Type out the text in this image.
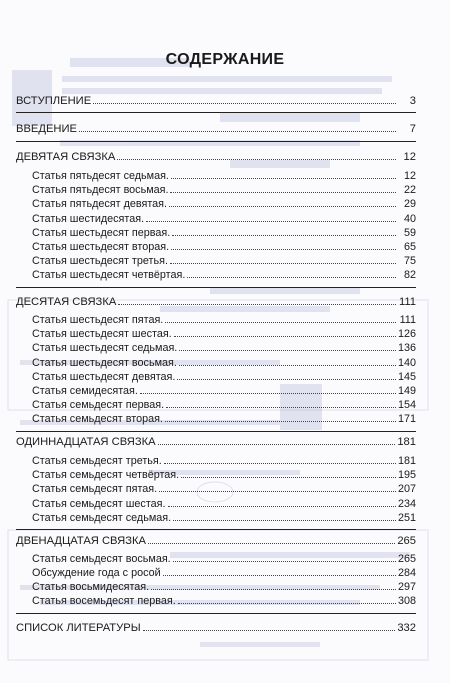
СОДЕРЖАНИЕ
ВСТУПЛЕНИЕ	3
ВВЕДЕНИЕ	7
ДЕВЯТАЯ СВЯЗКА	12
Статья пятьдесят седьмая.	12
Статья пятьдесят восьмая.	22
Статья пятьдесят девятая.	29
Статья шестидесятая.	40
Статья шестьдесят первая.	59
Статья шестьдесят вторая.	65
Статья шестьдесят третья.	75
Статья шестьдесят четвёртая.	82
ДЕСЯТАЯ СВЯЗКА	111
Статья шестьдесят пятая.	111
Статья шестьдесят шестая.	126
Статья шестьдесят седьмая.	136
Статья шестьдесят восьмая.	140
Статья шестьдесят девятая.	145
Статья семидесятая.	149
Статья семьдесят первая.	154
Статья семьдесят вторая.	171
ОДИННАДЦАТАЯ СВЯЗКА	181
Статья семьдесят третья.	181
Статья семьдесят четвёртая.	195
Статья семьдесят пятая.	207
Статья семьдесят шестая.	234
Статья семьдесят седьмая.	251
ДВЕНАДЦАТАЯ СВЯЗКА	265
Статья семьдесят восьмая.	265
Обсуждение года с росой	284
Статья восьмидесятая.	297
Статья восемьдесят первая.	308
СПИСОК ЛИТЕРАТУРЫ	332
